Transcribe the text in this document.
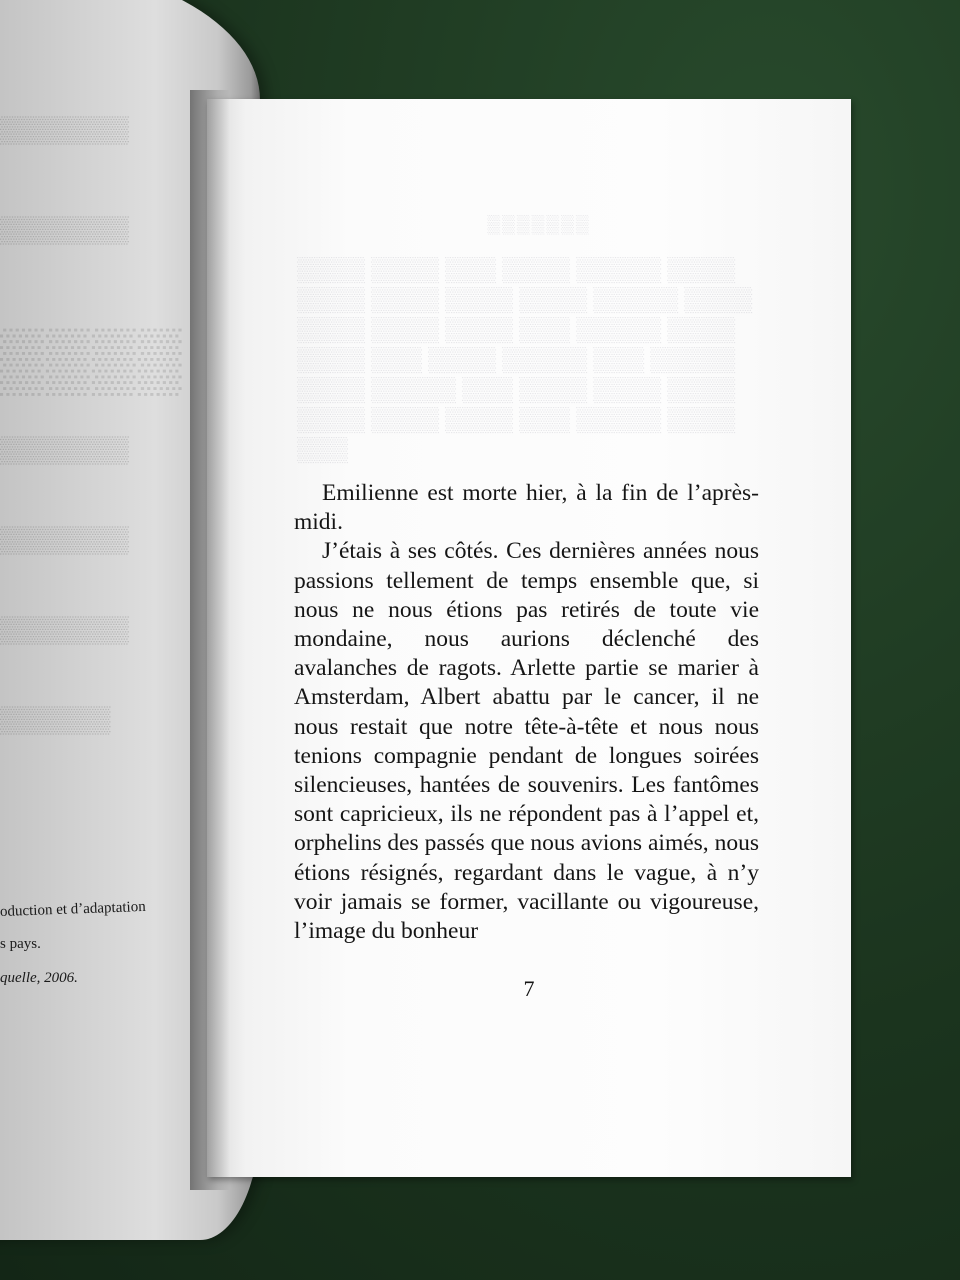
▒▒▒▒▒▒▒
▒▒▒▒▒▒▒
▒▒▒▒
▒▒▒▒▒▒▒
▒▒▒▒▒▒▒
▒▒▒▒▒▒▒
▒▒▒▒▒▒
oduction et d’adaptation
s pays.
quelle, 2006.
▒▒▒▒▒▒▒
▒▒▒▒ ▒▒▒▒▒ ▒▒▒▒ ▒▒▒ ▒▒▒▒ ▒▒▒▒ ▒▒▒▒ ▒▒▒▒▒ ▒▒▒▒ ▒▒▒▒ ▒▒▒▒ ▒▒▒▒ ▒▒▒▒ ▒▒▒▒▒ ▒▒▒ ▒▒▒▒ ▒▒▒▒ ▒▒▒▒ ▒▒▒▒▒ ▒▒▒ ▒▒▒▒▒ ▒▒▒▒ ▒▒▒ ▒▒▒▒ ▒▒▒▒ ▒▒▒▒ ▒▒▒▒ ▒▒▒ ▒▒▒▒▒ ▒▒▒▒ ▒▒▒▒ ▒▒▒▒▒ ▒▒▒ ▒▒▒▒ ▒▒▒▒ ▒▒▒▒ ▒▒▒

Emilienne est morte hier, à la fin de l’après-midi.

J’étais à ses côtés. Ces dernières années nous passions tellement de temps ensemble que, si nous ne nous étions pas retirés de toute vie mondaine, nous aurions déclenché des avalanches de ragots. Arlette partie se marier à Amsterdam, Albert abattu par le cancer, il ne nous restait que notre tête-à-tête et nous nous tenions compagnie pendant de longues soirées silencieuses, hantées de souvenirs. Les fantômes sont capricieux, ils ne répondent pas à l’appel et, orphelins des passés que nous avions aimés, nous étions résignés, regardant dans le vague, à n’y voir jamais se former, vacillante ou vigoureuse, l’image du bonheur

7
